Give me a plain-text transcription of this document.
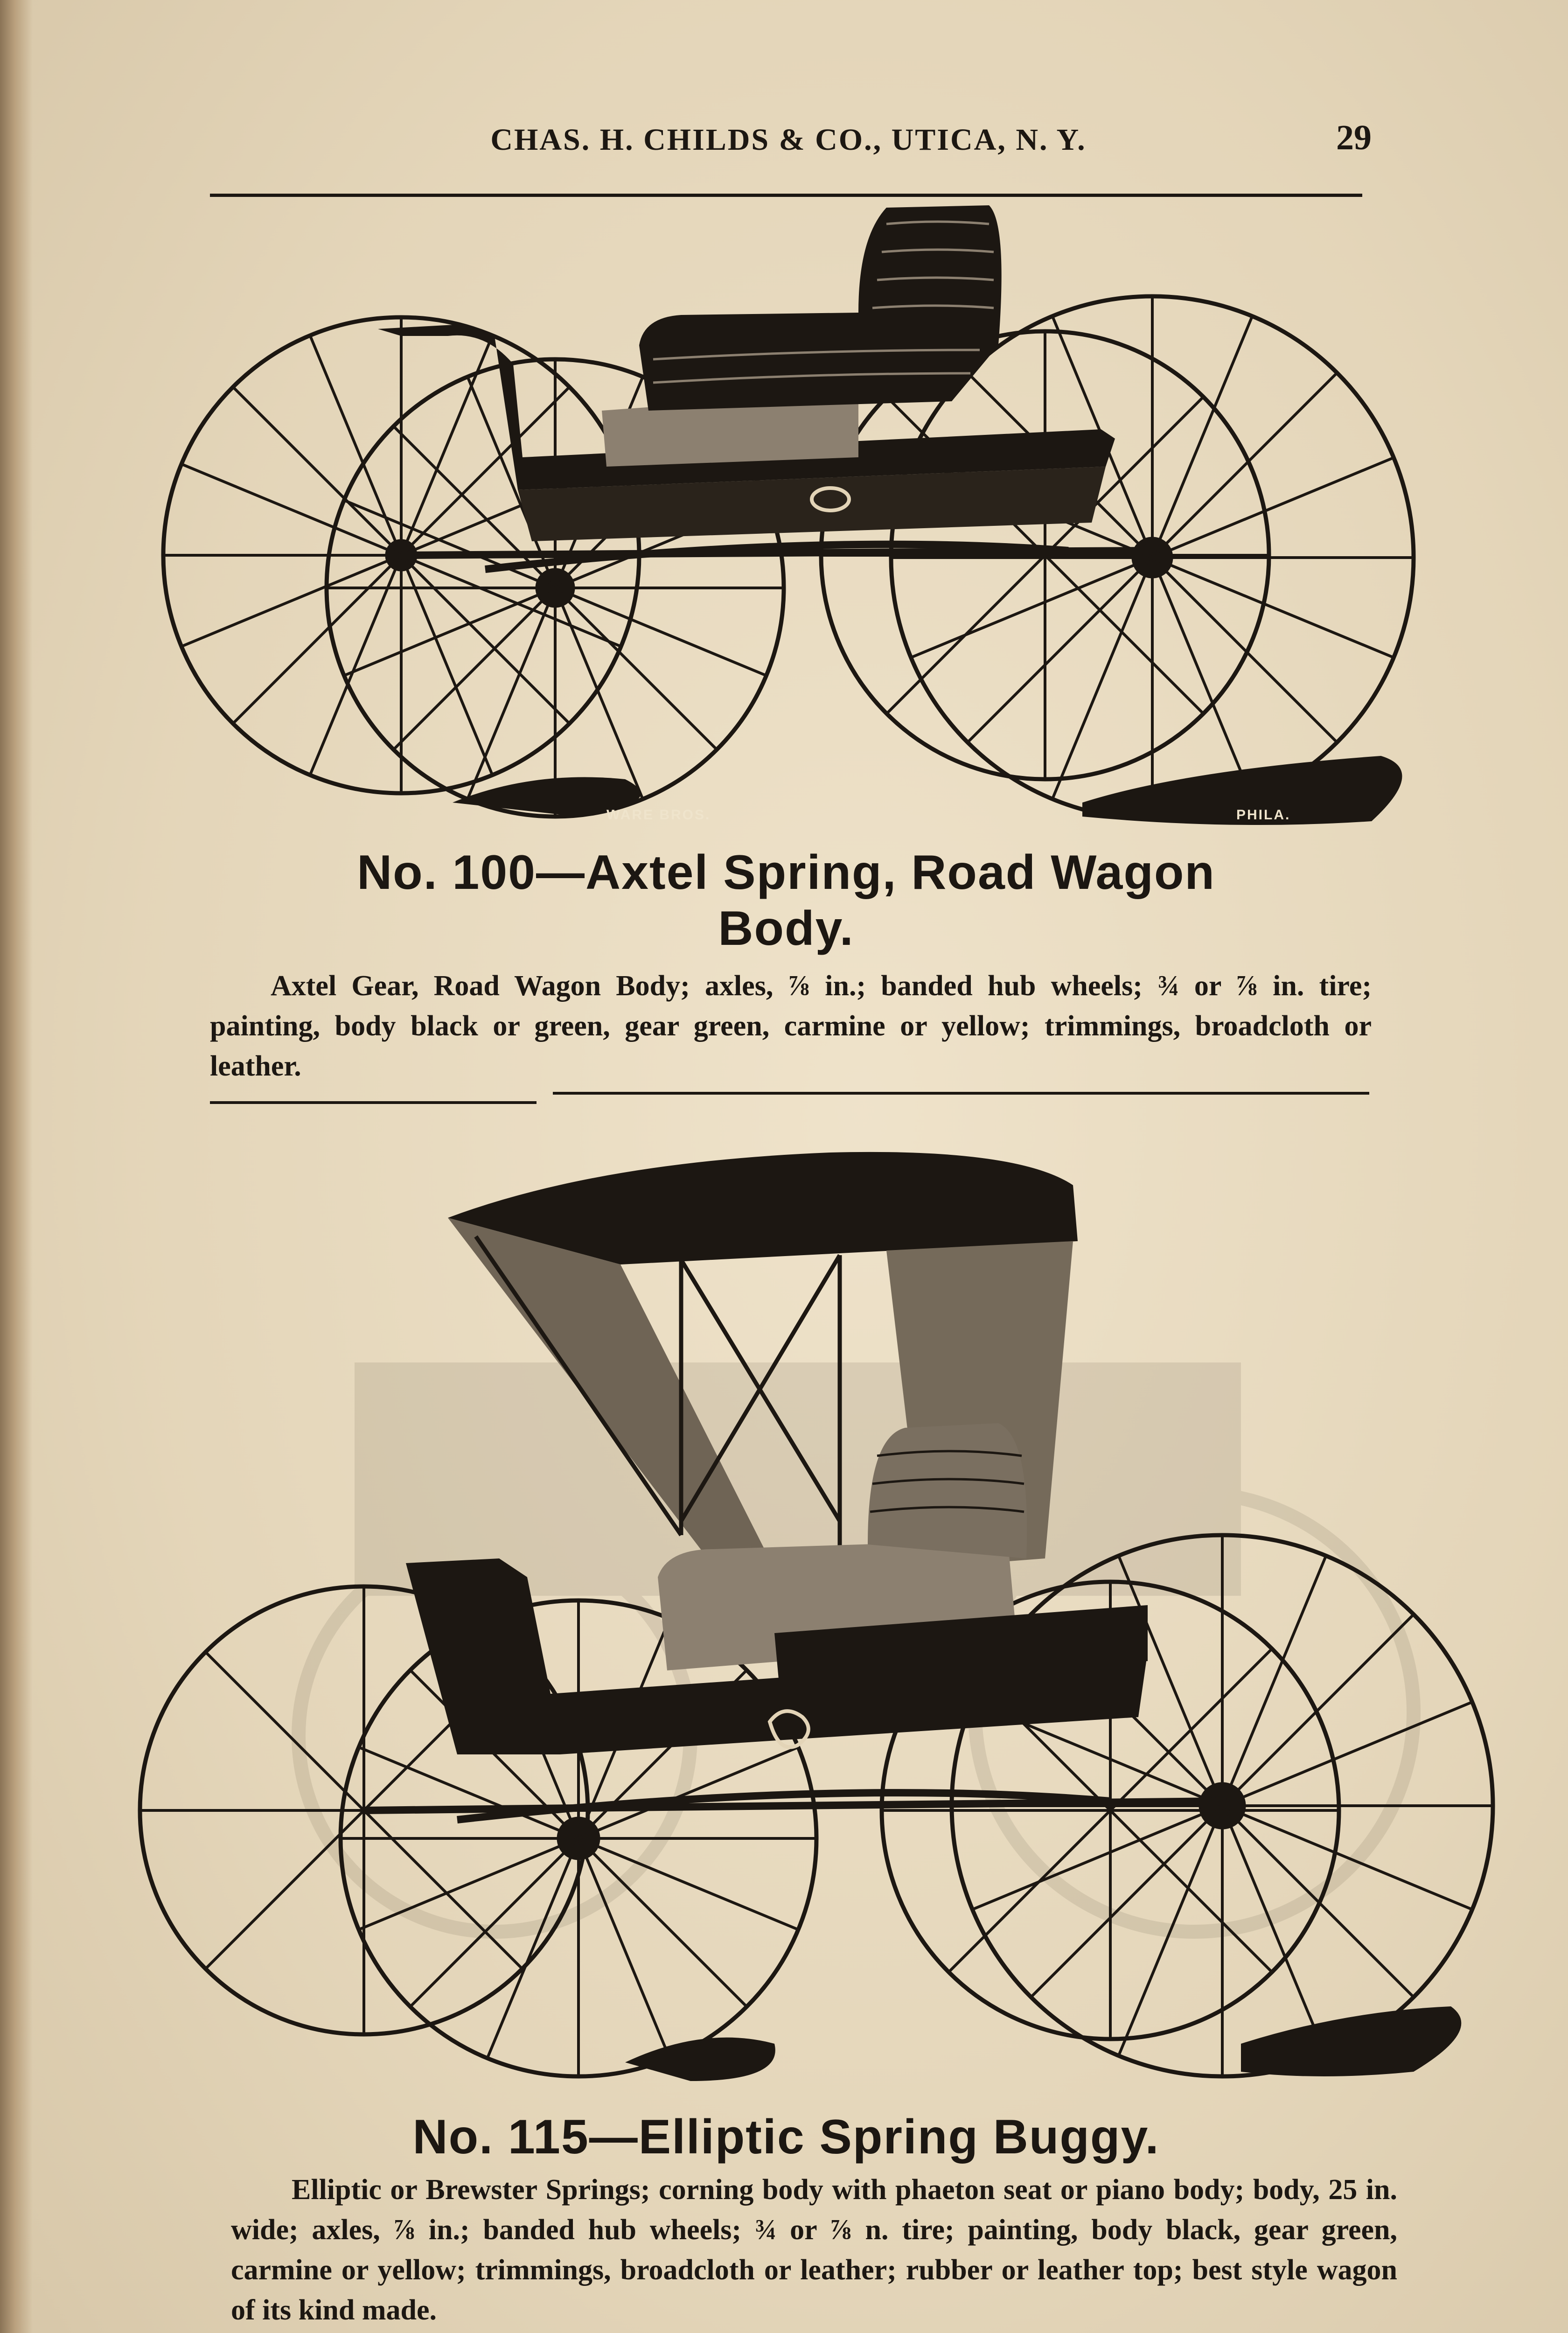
CHAS. H. CHILDS & CO., UTICA, N. Y.	29
WARE BROS.	PHILA.
No. 100—Axtel Spring, Road Wagon
Body.

Axtel Gear, Road Wagon Body; axles, ⅞ in.; banded hub wheels; ¾ or ⅞ in. tire; painting, body black or green, gear green, carmine or yellow; trimmings, broadcloth or leather.

No. 115—Elliptic Spring Buggy.

Elliptic or Brewster Springs; corning body with phaeton seat or piano body; body, 25 in. wide; axles, ⅞ in.; banded hub wheels; ¾ or ⅞ n. tire; painting, body black, gear green, carmine or yellow; trimmings, broadcloth or leather; rubber or leather top; best style wagon of its kind made.
